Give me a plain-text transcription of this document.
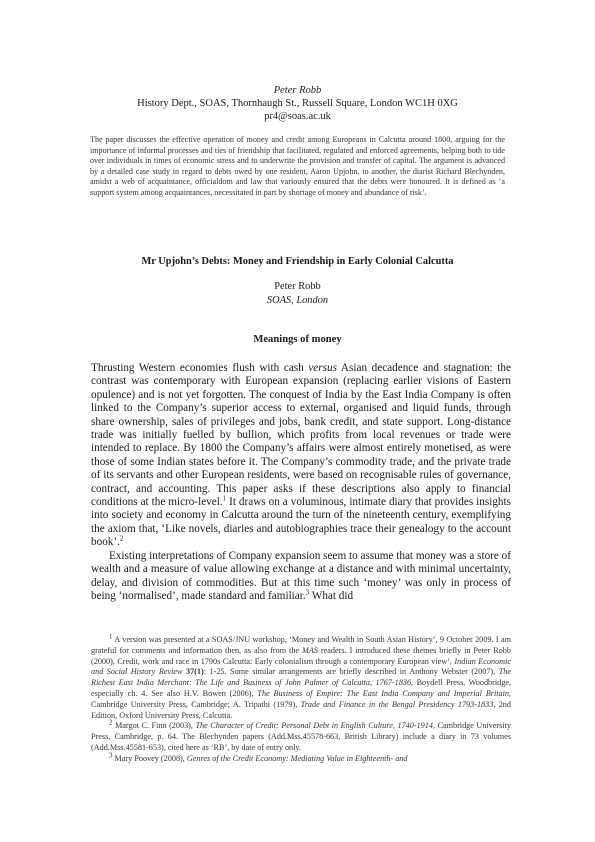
Peter Robb
History Dept., SOAS, Thornhaugh St., Russell Square, London WC1H 0XG
pr4@soas.ac.uk
The paper discusses the effective operation of money and credit among Europeans in Calcutta around 1800, arguing for the importance of informal processes and ties of friendship that facilitated, regulated and enforced agreements, helping both to tide over individuals in times of economic stress and to underwrite the provision and transfer of capital. The argument is advanced by a detailed case study in regard to debts owed by one resident, Aaron Upjohn, to another, the diarist Richard Blechynden, amidst a web of acquaintance, officialdom and law that variously ensured that the debts were honoured. It is defined as ‘a support system among acquaintances, necessitated in part by shortage of money and abundance of risk’.
Mr Upjohn’s Debts: Money and Friendship in Early Colonial Calcutta
Peter Robb
SOAS, London
Meanings of money

Thrusting Western economies flush with cash versus Asian decadence and stagnation: the contrast was contemporary with European expansion (replacing earlier visions of Eastern opulence) and is not yet forgotten. The conquest of India by the East India Company is often linked to the Company’s superior access to external, organised and liquid funds, through share ownership, sales of privileges and jobs, bank credit, and state support. Long-distance trade was initially fuelled by bullion, which profits from local revenues or trade were intended to replace. By 1800 the Company’s affairs were almost entirely monetised, as were those of some Indian states before it. The Company’s commodity trade, and the private trade of its servants and other European residents, were based on recognisable rules of governance, contract, and accounting. This paper asks if these descriptions also apply to financial conditions at the micro-level.$^1$ It draws on a voluminous, intimate diary that provides insights into society and economy in Calcutta around the turn of the nineteenth century, exemplifying the axiom that, ‘Like novels, diaries and autobiographies trace their genealogy to the account book’.$^2$

Existing interpretations of Company expansion seem to assume that money was a store of wealth and a measure of value allowing exchange at a distance and with minimal uncertainty, delay, and division of commodities. But at this time such ‘money’ was only in process of being ‘normalised’, made standard and familiar.$^3$ What did

$^1$ A version was presented at a SOAS/JNU workshop, ‘Money and Wealth in South Asian History’, 9 October 2009. I am grateful for comments and information then, as also from the MAS readers. I introduced these themes briefly in Peter Robb (2000), Credit, work and race in 1790s Calcutta: Early colonialism through a contemporary European view’, Indian Economic and Social History Review 37(1): 1-25. Some similar arrangements are briefly described in Anthony Webster (2007), The Richest East India Merchant: The Life and Business of John Palmer of Calcutta, 1767-1836, Boydell Press, Woodbridge, especially ch. 4. See also H.V. Bowen (2006), The Business of Empire: The East India Company and Imperial Britain, Cambridge University Press, Cambridge; A. Tripathi (1979), Trade and Finance in the Bengal Presidency 1793-1833, 2nd Edition, Oxford University Press, Calcutta.

$^2$ Margot C. Finn (2003), The Character of Credit: Personal Debt in English Culture, 1740-1914, Cambridge University Press, Cambridge, p. 64. The Blechynden papers (Add.Mss.45578-663, British Library) include a diary in 73 volumes (Add.Mss.45581-653), cited here as ‘RB’, by date of entry only.

$^3$ Mary Poovey (2008), Genres of the Credit Economy: Mediating Value in Eighteenth- and
